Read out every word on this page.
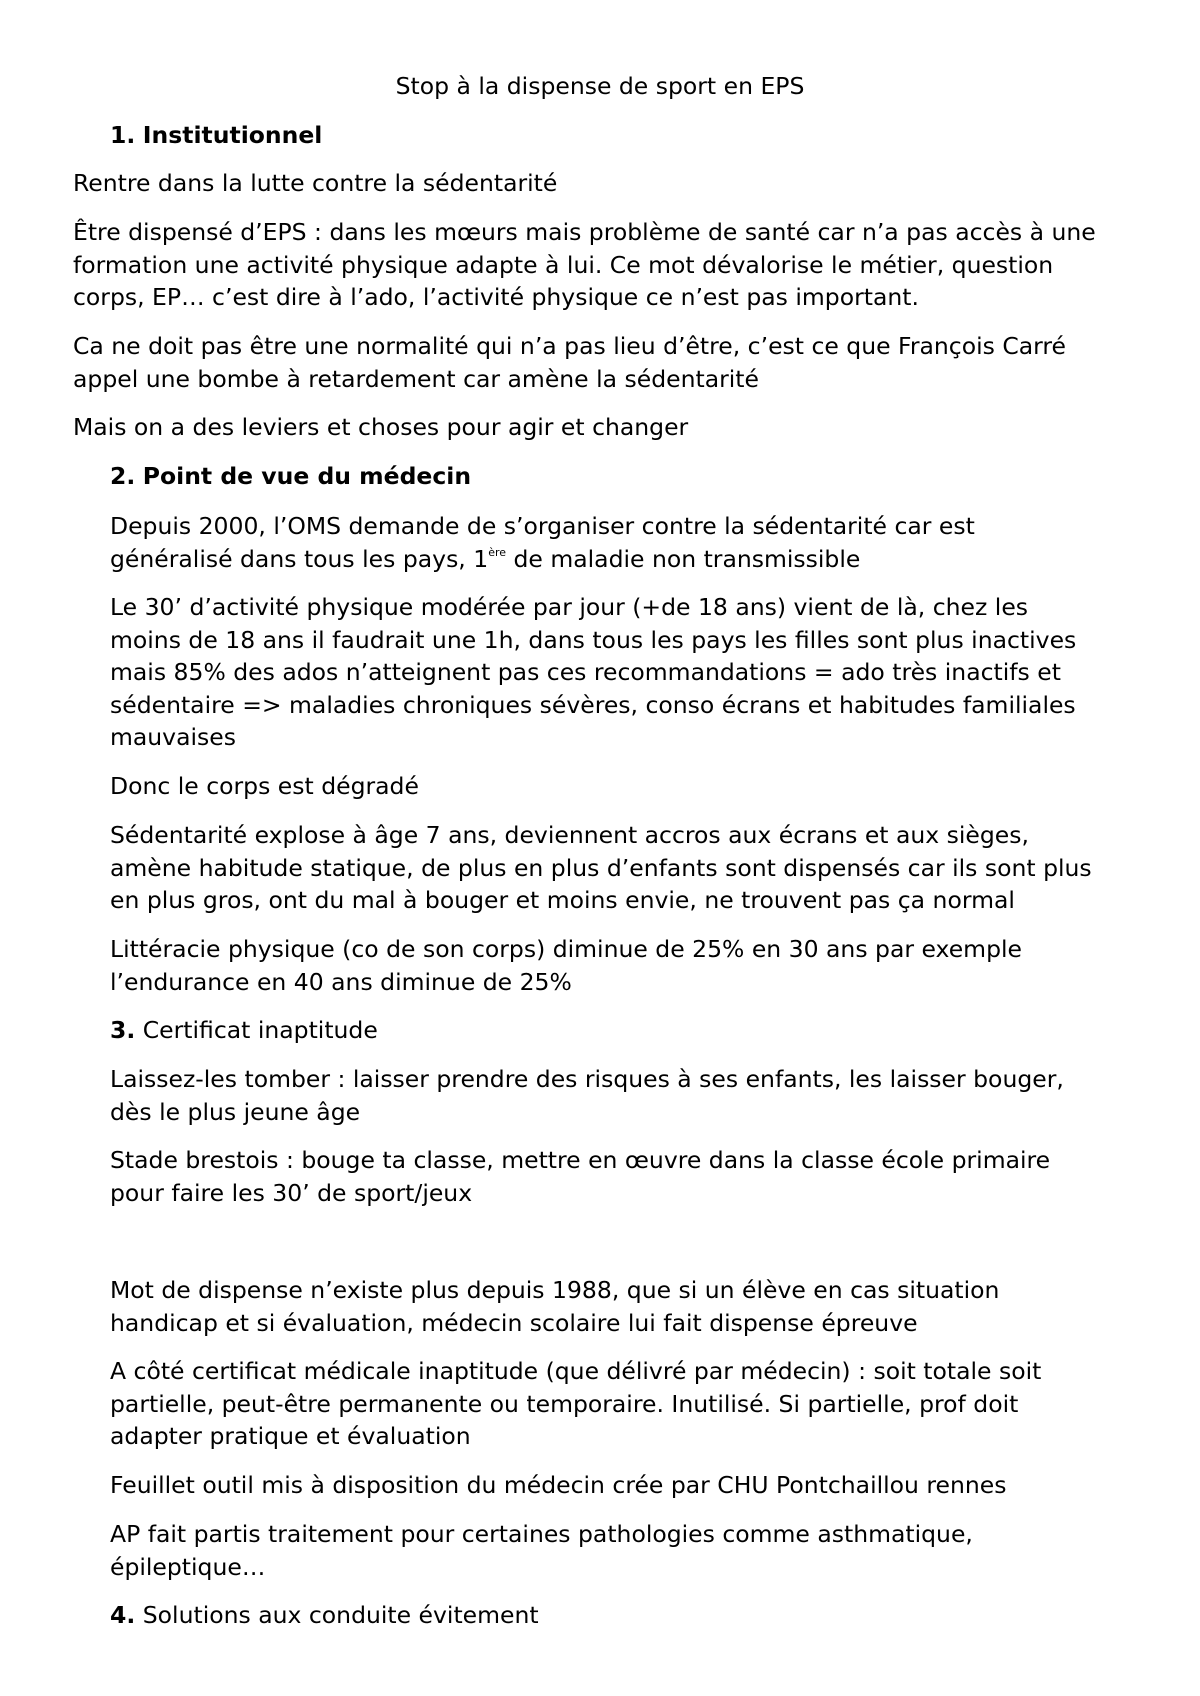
Stop à la dispense de sport en EPS
1. Institutionnel

Rentre dans la lutte contre la sédentarité

Être dispensé d’EPS : dans les mœurs mais problème de santé car n’a pas accès à une
formation une activité physique adapte à lui. Ce mot dévalorise le métier, question
corps, EP… c’est dire à l’ado, l’activité physique ce n’est pas important.

Ca ne doit pas être une normalité qui n’a pas lieu d’être, c’est ce que François Carré
appel une bombe à retardement car amène la sédentarité

Mais on a des leviers et choses pour agir et changer

2. Point de vue du médecin

Depuis 2000, l’OMS demande de s’organiser contre la sédentarité car est
généralisé dans tous les pays, 1ère de maladie non transmissible

Le 30’ d’activité physique modérée par jour (+de 18 ans) vient de là, chez les
moins de 18 ans il faudrait une 1h, dans tous les pays les filles sont plus inactives
mais 85% des ados n’atteignent pas ces recommandations = ado très inactifs et
sédentaire => maladies chroniques sévères, conso écrans et habitudes familiales
mauvaises

Donc le corps est dégradé

Sédentarité explose à âge 7 ans, deviennent accros aux écrans et aux sièges,
amène habitude statique, de plus en plus d’enfants sont dispensés car ils sont plus
en plus gros, ont du mal à bouger et moins envie, ne trouvent pas ça normal

Littéracie physique (co de son corps) diminue de 25% en 30 ans par exemple
l’endurance en 40 ans diminue de 25%

3. Certificat inaptitude

Laissez-les tomber : laisser prendre des risques à ses enfants, les laisser bouger,
dès le plus jeune âge

Stade brestois : bouge ta classe, mettre en œuvre dans la classe école primaire
pour faire les 30’ de sport/jeux

Mot de dispense n’existe plus depuis 1988, que si un élève en cas situation
handicap et si évaluation, médecin scolaire lui fait dispense épreuve

A côté certificat médicale inaptitude (que délivré par médecin) : soit totale soit
partielle, peut-être permanente ou temporaire. Inutilisé. Si partielle, prof doit
adapter pratique et évaluation

Feuillet outil mis à disposition du médecin crée par CHU Pontchaillou rennes

AP fait partis traitement pour certaines pathologies comme asthmatique,
épileptique…

4. Solutions aux conduite évitement
